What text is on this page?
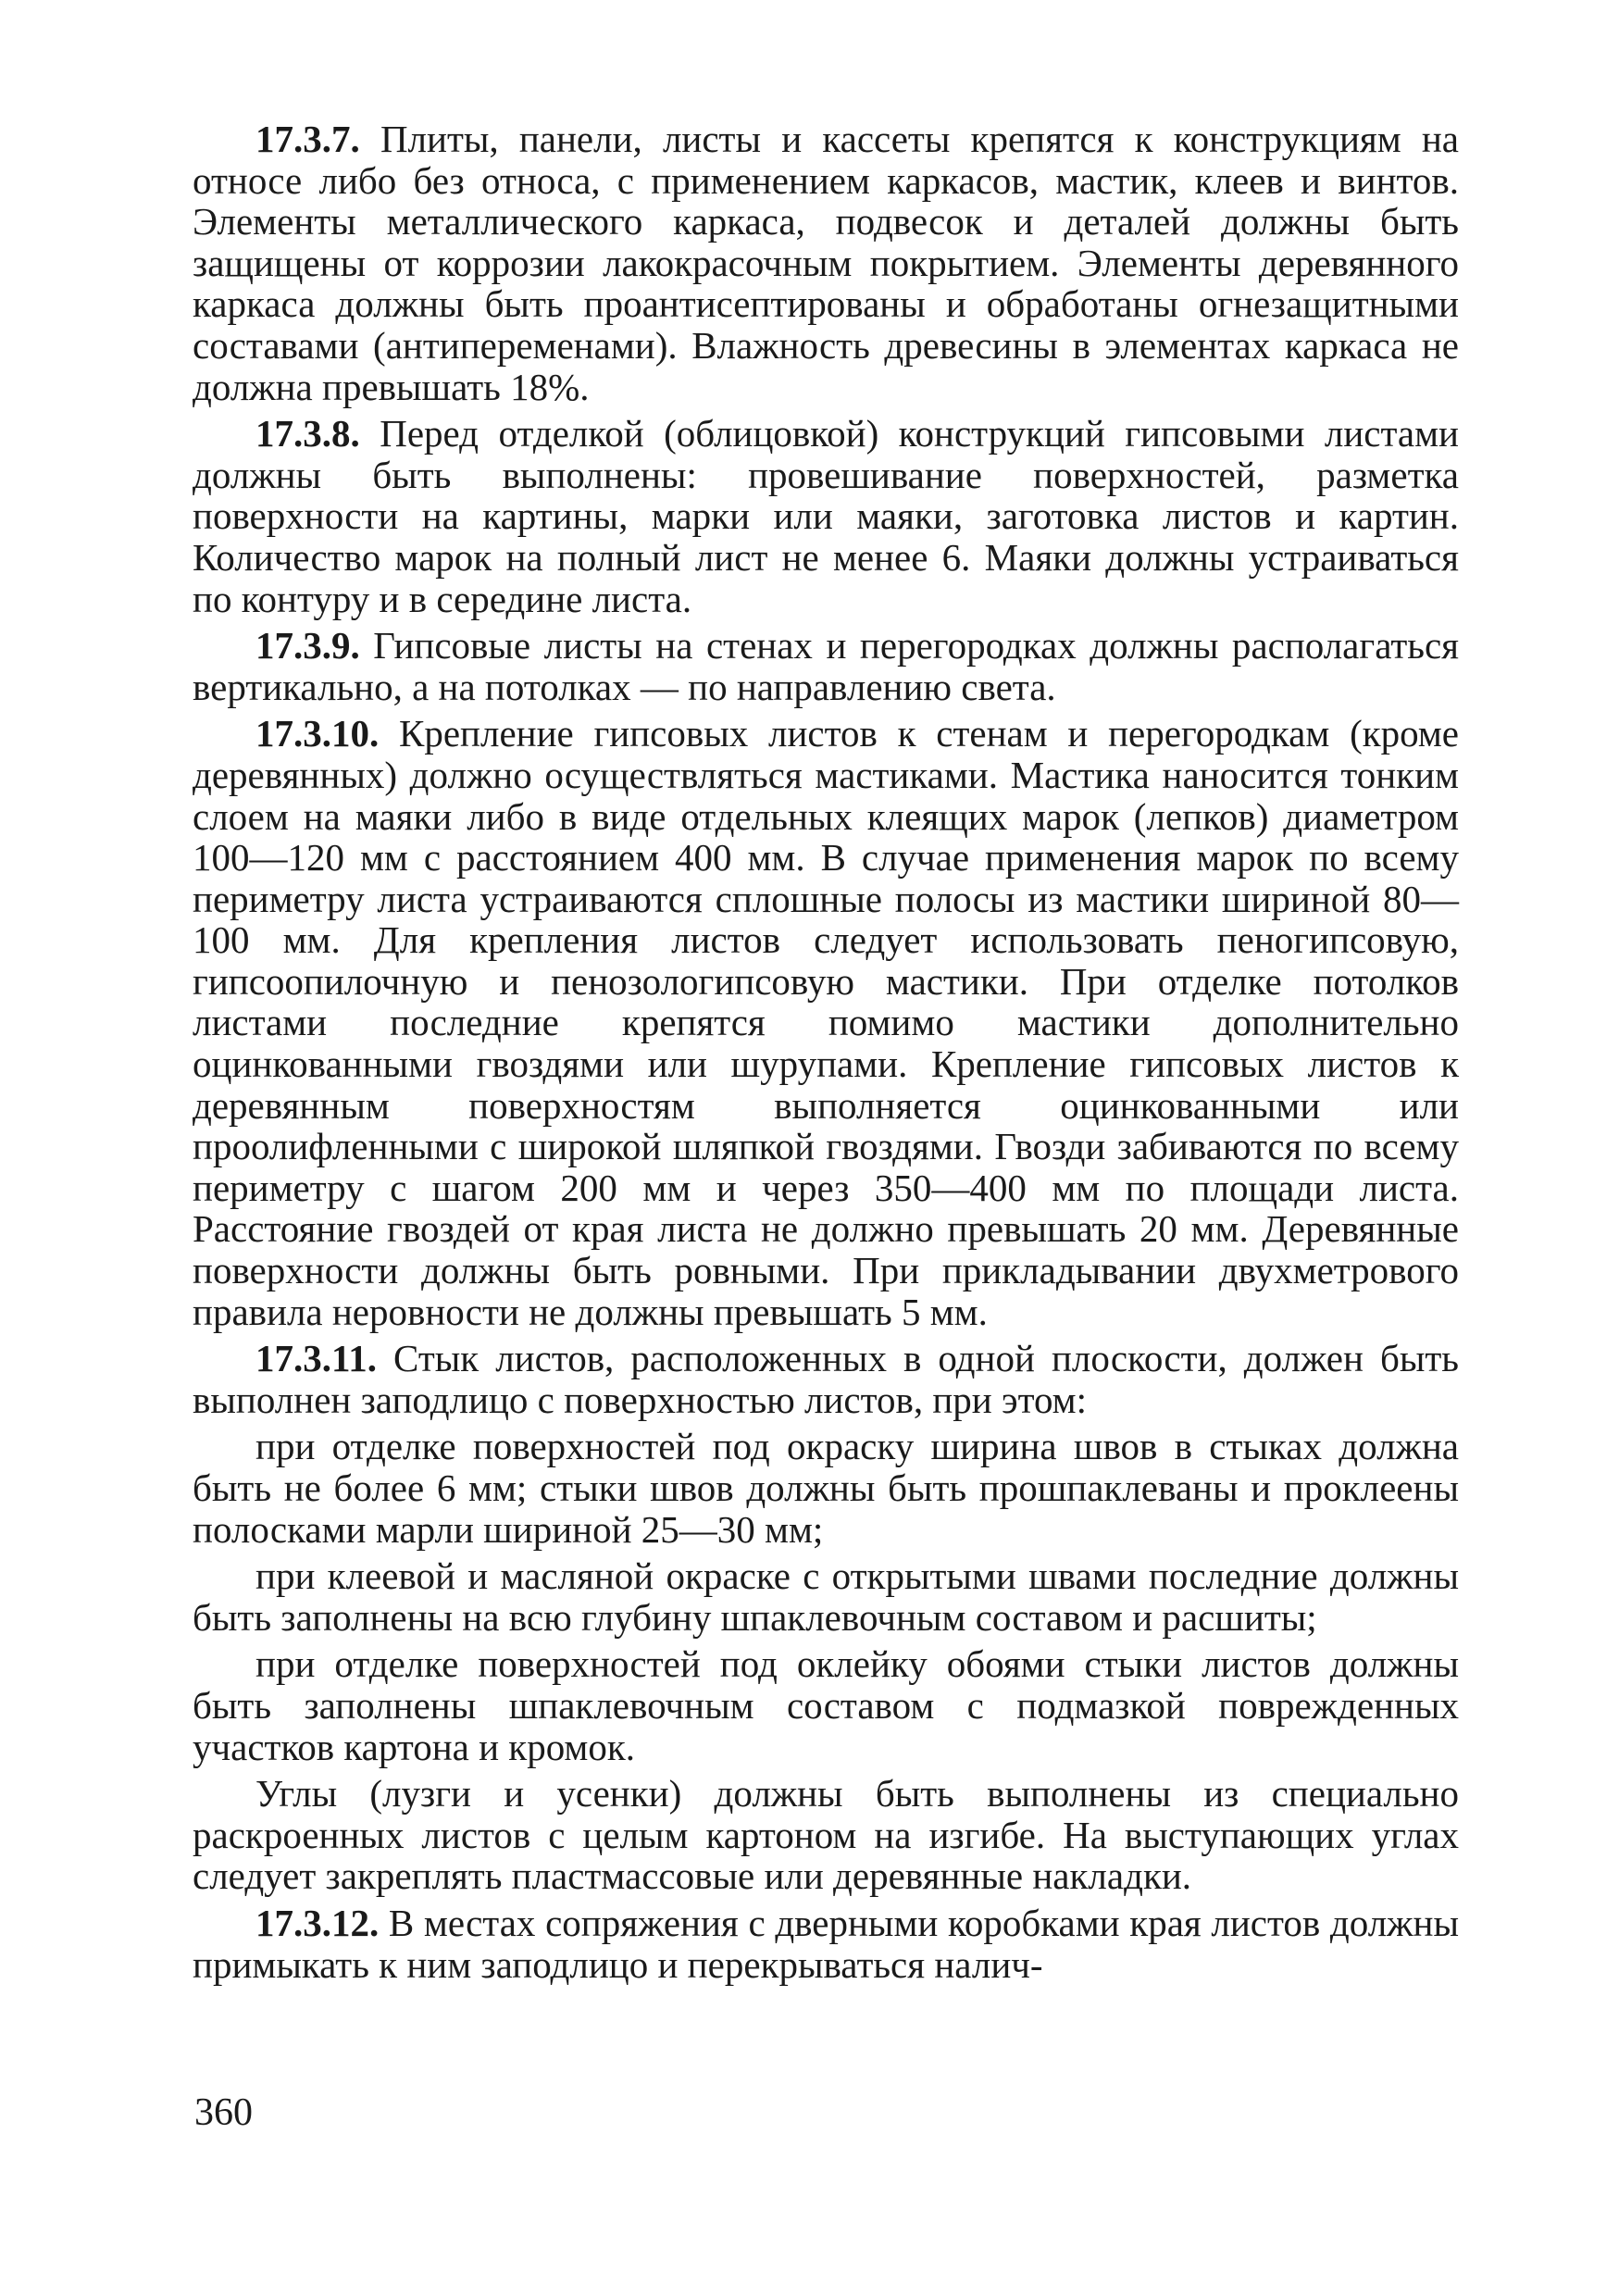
17.3.7. Плиты, панели, листы и кассеты крепятся к конструкциям на относе либо без относа, с применением каркасов, мастик, клеев и винтов. Элементы металлического каркаса, подвесок и деталей должны быть защищены от коррозии лакокрасочным покрытием. Элементы деревянного каркаса должны быть проантисептированы и обработаны огнезащитными составами (антипеременами). Влажность древесины в элементах каркаса не должна превышать 18%.

17.3.8. Перед отделкой (облицовкой) конструкций гипсовыми листами должны быть выполнены: провешивание поверхностей, разметка поверхности на картины, марки или маяки, заготовка листов и картин. Количество марок на полный лист не менее 6. Маяки должны устраиваться по контуру и в середине листа.

17.3.9. Гипсовые листы на стенах и перегородках должны располагаться вертикально, а на потолках — по направлению света.

17.3.10. Крепление гипсовых листов к стенам и перегородкам (кроме деревянных) должно осуществляться мастиками. Мастика наносится тонким слоем на маяки либо в виде отдельных клеящих марок (лепков) диаметром 100—120 мм с расстоянием 400 мм. В случае применения марок по всему периметру листа устраиваются сплошные полосы из мастики шириной 80—100 мм. Для крепления листов следует использовать пеногипсовую, гипсоопилочную и пенозологипсовую мастики. При отделке потолков листами последние крепятся помимо мастики дополнительно оцинкованными гвоздями или шурупами. Крепление гипсовых листов к деревянным поверхностям выполняется оцинкованными или проолифленными с широкой шляпкой гвоздями. Гвозди забиваются по всему периметру с шагом 200 мм и через 350—400 мм по площади листа. Расстояние гвоздей от края листа не должно превышать 20 мм. Деревянные поверхности должны быть ровными. При прикладывании двухметрового правила неровности не должны превышать 5 мм.

17.3.11. Стык листов, расположенных в одной плоскости, должен быть выполнен заподлицо с поверхностью листов, при этом:

при отделке поверхностей под окраску ширина швов в стыках должна быть не более 6 мм; стыки швов должны быть прошпаклеваны и проклеены полосками марли шириной 25—30 мм;

при клеевой и масляной окраске с открытыми швами последние должны быть заполнены на всю глубину шпаклевочным составом и расшиты;

при отделке поверхностей под оклейку обоями стыки листов должны быть заполнены шпаклевочным составом с подмазкой поврежденных участков картона и кромок.

Углы (лузги и усенки) должны быть выполнены из специально раскроенных листов с целым картоном на изгибе. На выступающих углах следует закреплять пластмассовые или деревянные накладки.

17.3.12. В местах сопряжения с дверными коробками края листов должны примыкать к ним заподлицо и перекрываться налич-

360
